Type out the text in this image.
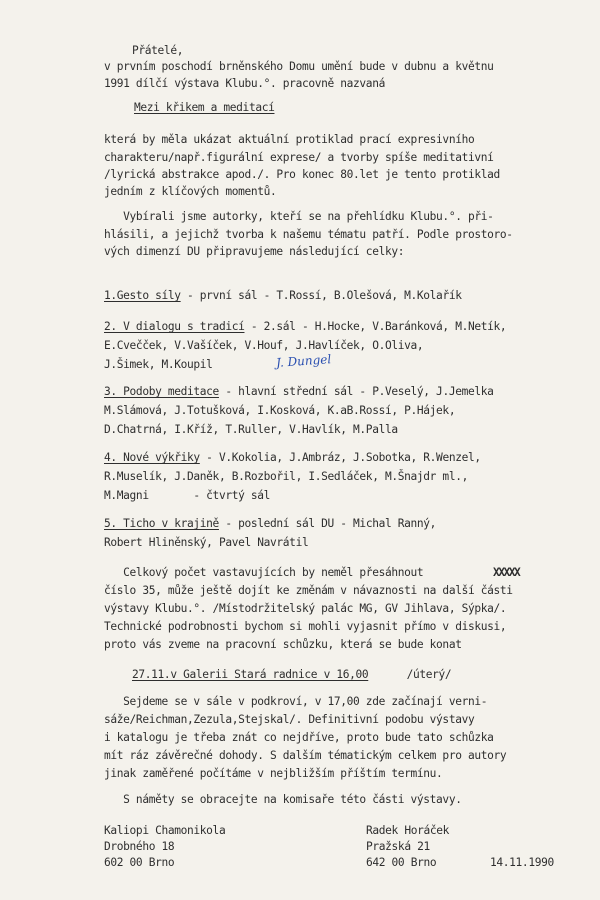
Přátelé,
v prvním poschodí brněnského Domu umění bude v dubnu a květnu
1991 dílčí výstava Klubu.°. pracovně nazvaná
Mezi křikem a meditací
která by měla ukázat aktuální protiklad prací expresivního
charakteru/např.figurální exprese/ a tvorby spíše meditativní
/lyrická abstrakce apod./. Pro konec 80.let je tento protiklad
jedním z klíčových momentů.
Vybírali jsme autorky, kteří se na přehlídku Klubu.°. při-
hlásili, a jejichž tvorba k našemu tématu patří. Podle prostoro-
vých dimenzí DU připravujeme následující celky:
1.Gesto síly - první sál - T.Rossí, B.Olešová, M.Kolařík
2. V dialogu s tradicí - 2.sál - H.Hocke, V.Baránková, M.Netík,
E.Cvečček, V.Vašíček, V.Houf, J.Havlíček, O.Oliva,
J.Šimek, M.Koupil	J. Dungel
3. Podoby meditace - hlavní střední sál - P.Veselý, J.Jemelka
M.Slámová, J.Totušková, I.Kosková, K.aB.Rossí, P.Hájek,
D.Chatrná, I.Kříž, T.Ruller, V.Havlík, M.Palla
4. Nové výkřiky - V.Kokolia, J.Ambráz, J.Sobotka, R.Wenzel,
R.Muselík, J.Daněk, B.Rozbořil, I.Sedláček, M.Šnajdr ml.,
M.Magni       - čtvrtý sál
5. Ticho v krajině - poslední sál DU - Michal Ranný,
Robert Hliněnský, Pavel Navrátil
Celkový počet vastavujících by neměl přesáhnout XXXXX
číslo 35, může ještě dojít ke změnám v návaznosti na další části
výstavy Klubu.°. /Místodržitelský palác MG, GV Jihlava, Sýpka/.
Technické podrobnosti bychom si mohli vyjasnit přímo v diskusi,
proto vás zveme na pracovní schůzku, která se bude konat
27.11.v Galerii Stará radnice v 16,00	/úterý/
Sejdeme se v sále v podkroví, v 17,00 zde začínají verni-
sáže/Reichman,Zezula,Stejskal/. Definitivní podobu výstavy
i katalogu je třeba znát co nejdříve, proto bude tato schůzka
mít ráz závěrečné dohody. S dalším tématickým celkem pro autory
jinak zaměřené počítáme v nejbližším příštím termínu.
S náměty se obracejte na komisaře této části výstavy.
Kaliopi Chamonikola
Drobného 18
602 00 Brno
Radek Horáček
Pražská 21
642 00 Brno	14.11.1990
